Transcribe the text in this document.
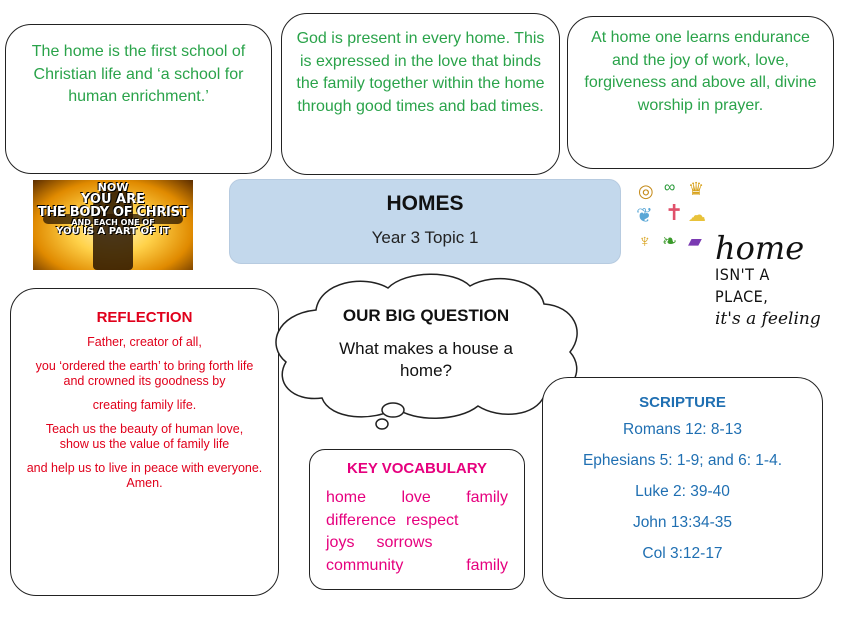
The home is the first school of Christian life and ‘a school for human enrichment.’
God is present in every home. This is expressed in the love that binds the family together within the home through good times and bad times.
At home one learns endurance and the joy of work, love, forgiveness and above all, divine worship in prayer.
NOW
YOU ARE
THE BODY OF CHRIST
AND EACH ONE OF
YOU IS A PART OF IT
HOMES
Year 3 Topic 1
◎ ∞ ♛
❦ ✝ ☁
♆ ❧ ▰ home
ISN'T A PLACE,
it's a feeling
REFLECTION

Father, creator of all,

you ‘ordered the earth’ to bring forth life

and crowned its goodness by

creating family life.

Teach us the beauty of human love,

show us the value of family life

and help us to live in peace with everyone.

Amen.

OUR BIG QUESTION
What makes a house a home?
KEY VOCABULARY
home love family
difference respect
joys sorrows
community	family
SCRIPTURE
Romans 12: 8-13
Ephesians 5: 1-9; and 6: 1-4.
Luke 2: 39-40
John 13:34-35
Col 3:12-17
